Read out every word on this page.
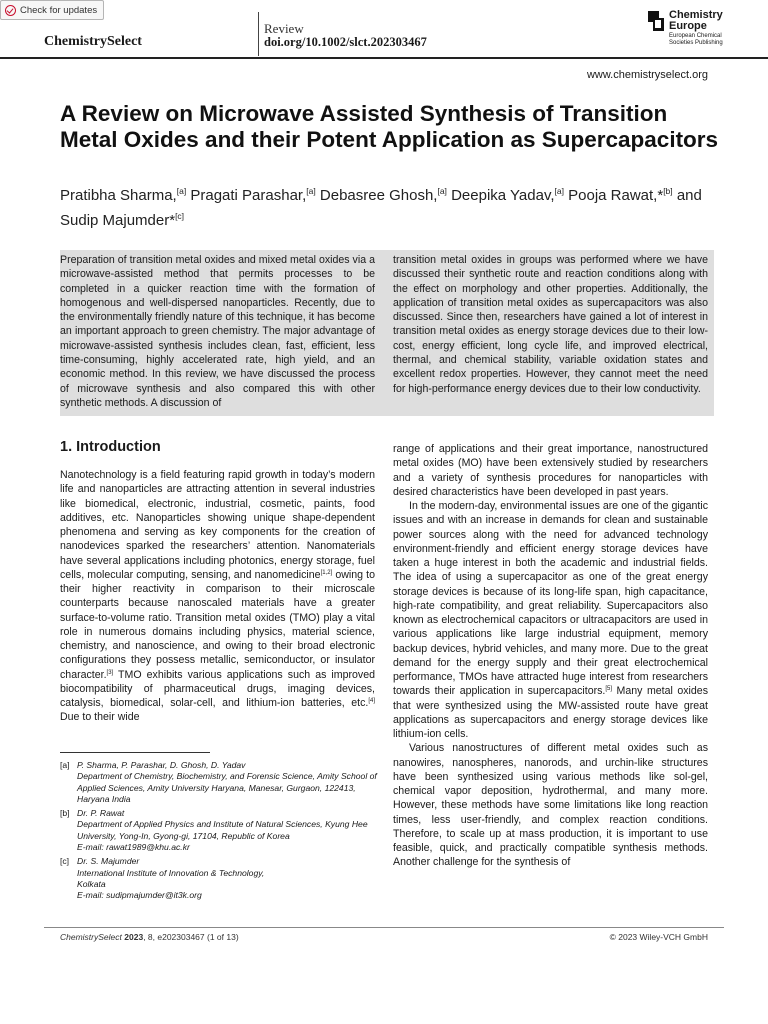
Check for updates
ChemistrySelect
Review
doi.org/10.1002/slct.202303467
Chemistry
Europe
European Chemical Societies Publishing
www.chemistryselect.org
A Review on Microwave Assisted Synthesis of Transition Metal Oxides and their Potent Application as Supercapacitors
Pratibha Sharma,[a] Pragati Parashar,[a] Debasree Ghosh,[a] Deepika Yadav,[a] Pooja Rawat,*[b] and Sudip Majumder*[c]

Preparation of transition metal oxides and mixed metal oxides via a microwave-assisted method that permits processes to be completed in a quicker reaction time with the formation of homogenous and well-dispersed nanoparticles. Recently, due to the environmentally friendly nature of this technique, it has become an important approach to green chemistry. The major advantage of microwave-assisted synthesis includes clean, fast, efficient, less time-consuming, highly accelerated rate, high yield, and an economic method. In this review, we have discussed the process of microwave synthesis and also compared this with other synthetic methods. A discussion of

transition metal oxides in groups was performed where we have discussed their synthetic route and reaction conditions along with the effect on morphology and other properties. Additionally, the application of transition metal oxides as supercapacitors was also discussed. Since then, researchers have gained a lot of interest in transition metal oxides as energy storage devices due to their low-cost, energy efficient, long cycle life, and improved electrical, thermal, and chemical stability, variable oxidation states and excellent redox properties. However, they cannot meet the need for high-performance energy devices due to their low conductivity.

1. Introduction

Nanotechnology is a field featuring rapid growth in today’s modern life and nanoparticles are attracting attention in several industries like biomedical, electronic, industrial, cosmetic, paints, food additives, etc. Nanoparticles showing unique shape-dependent phenomena and serving as key components for the creation of nanodevices sparked the researchers’ attention. Nanomaterials have several applications including photonics, energy storage, fuel cells, molecular computing, sensing, and nanomedicine[1,2] owing to their higher reactivity in comparison to their microscale counterparts because nanoscaled materials have a greater surface-to-volume ratio. Transition metal oxides (TMO) play a vital role in numerous domains including physics, material science, chemistry, and nanoscience, and owing to their broad electronic configurations they possess metallic, semiconductor, or insulator character.[3] TMO exhibits various applications such as improved biocompatibility of pharmaceutical drugs, imaging devices, catalysis, biomedical, solar-cell, and lithium-ion batteries, etc.[4] Due to their wide

range of applications and their great importance, nanostructured metal oxides (MO) have been extensively studied by researchers and a variety of synthesis procedures for nanoparticles with desired characteristics have been developed in past years.

In the modern-day, environmental issues are one of the gigantic issues and with an increase in demands for clean and sustainable power sources along with the need for advanced technology environment-friendly and efficient energy storage devices have taken a huge interest in both the academic and industrial fields. The idea of using a supercapacitor as one of the great energy storage devices is because of its long-life span, high capacitance, high-rate compatibility, and great reliability. Supercapacitors also known as electrochemical capacitors or ultracapacitors are used in various applications like large industrial equipment, memory backup devices, hybrid vehicles, and many more. Due to the great demand for the energy supply and their great electrochemical performance, TMOs have attracted huge interest from researchers towards their application in supercapacitors.[5] Many metal oxides that were synthesized using the MW-assisted route have great applications as supercapacitors and energy storage devices like lithium-ion cells.

Various nanostructures of different metal oxides such as nanowires, nanospheres, nanorods, and urchin-like structures have been synthesized using various methods like sol-gel, chemical vapor deposition, hydrothermal, and many more. However, these methods have some limitations like long reaction times, less user-friendly, and complex reaction conditions. Therefore, to scale up at mass production, it is important to use feasible, quick, and practically compatible synthesis methods. Another challenge for the synthesis of

[a] P. Sharma, P. Parashar, D. Ghosh, D. Yadav
Department of Chemistry, Biochemistry, and Forensic Science, Amity School of Applied Sciences, Amity University Haryana, Manesar, Gurgaon, 122413, Haryana India
[b] Dr. P. Rawat
Department of Applied Physics and Institute of Natural Sciences, Kyung Hee University, Yong-In, Gyong-gi, 17104, Republic of Korea
E-mail: rawat1989@khu.ac.kr
[c] Dr. S. Majumder
International Institute of Innovation & Technology,
Kolkata
E-mail: sudipmajumder@it3k.org
ChemistrySelect 2023, 8, e202303467 (1 of 13)	© 2023 Wiley-VCH GmbH
